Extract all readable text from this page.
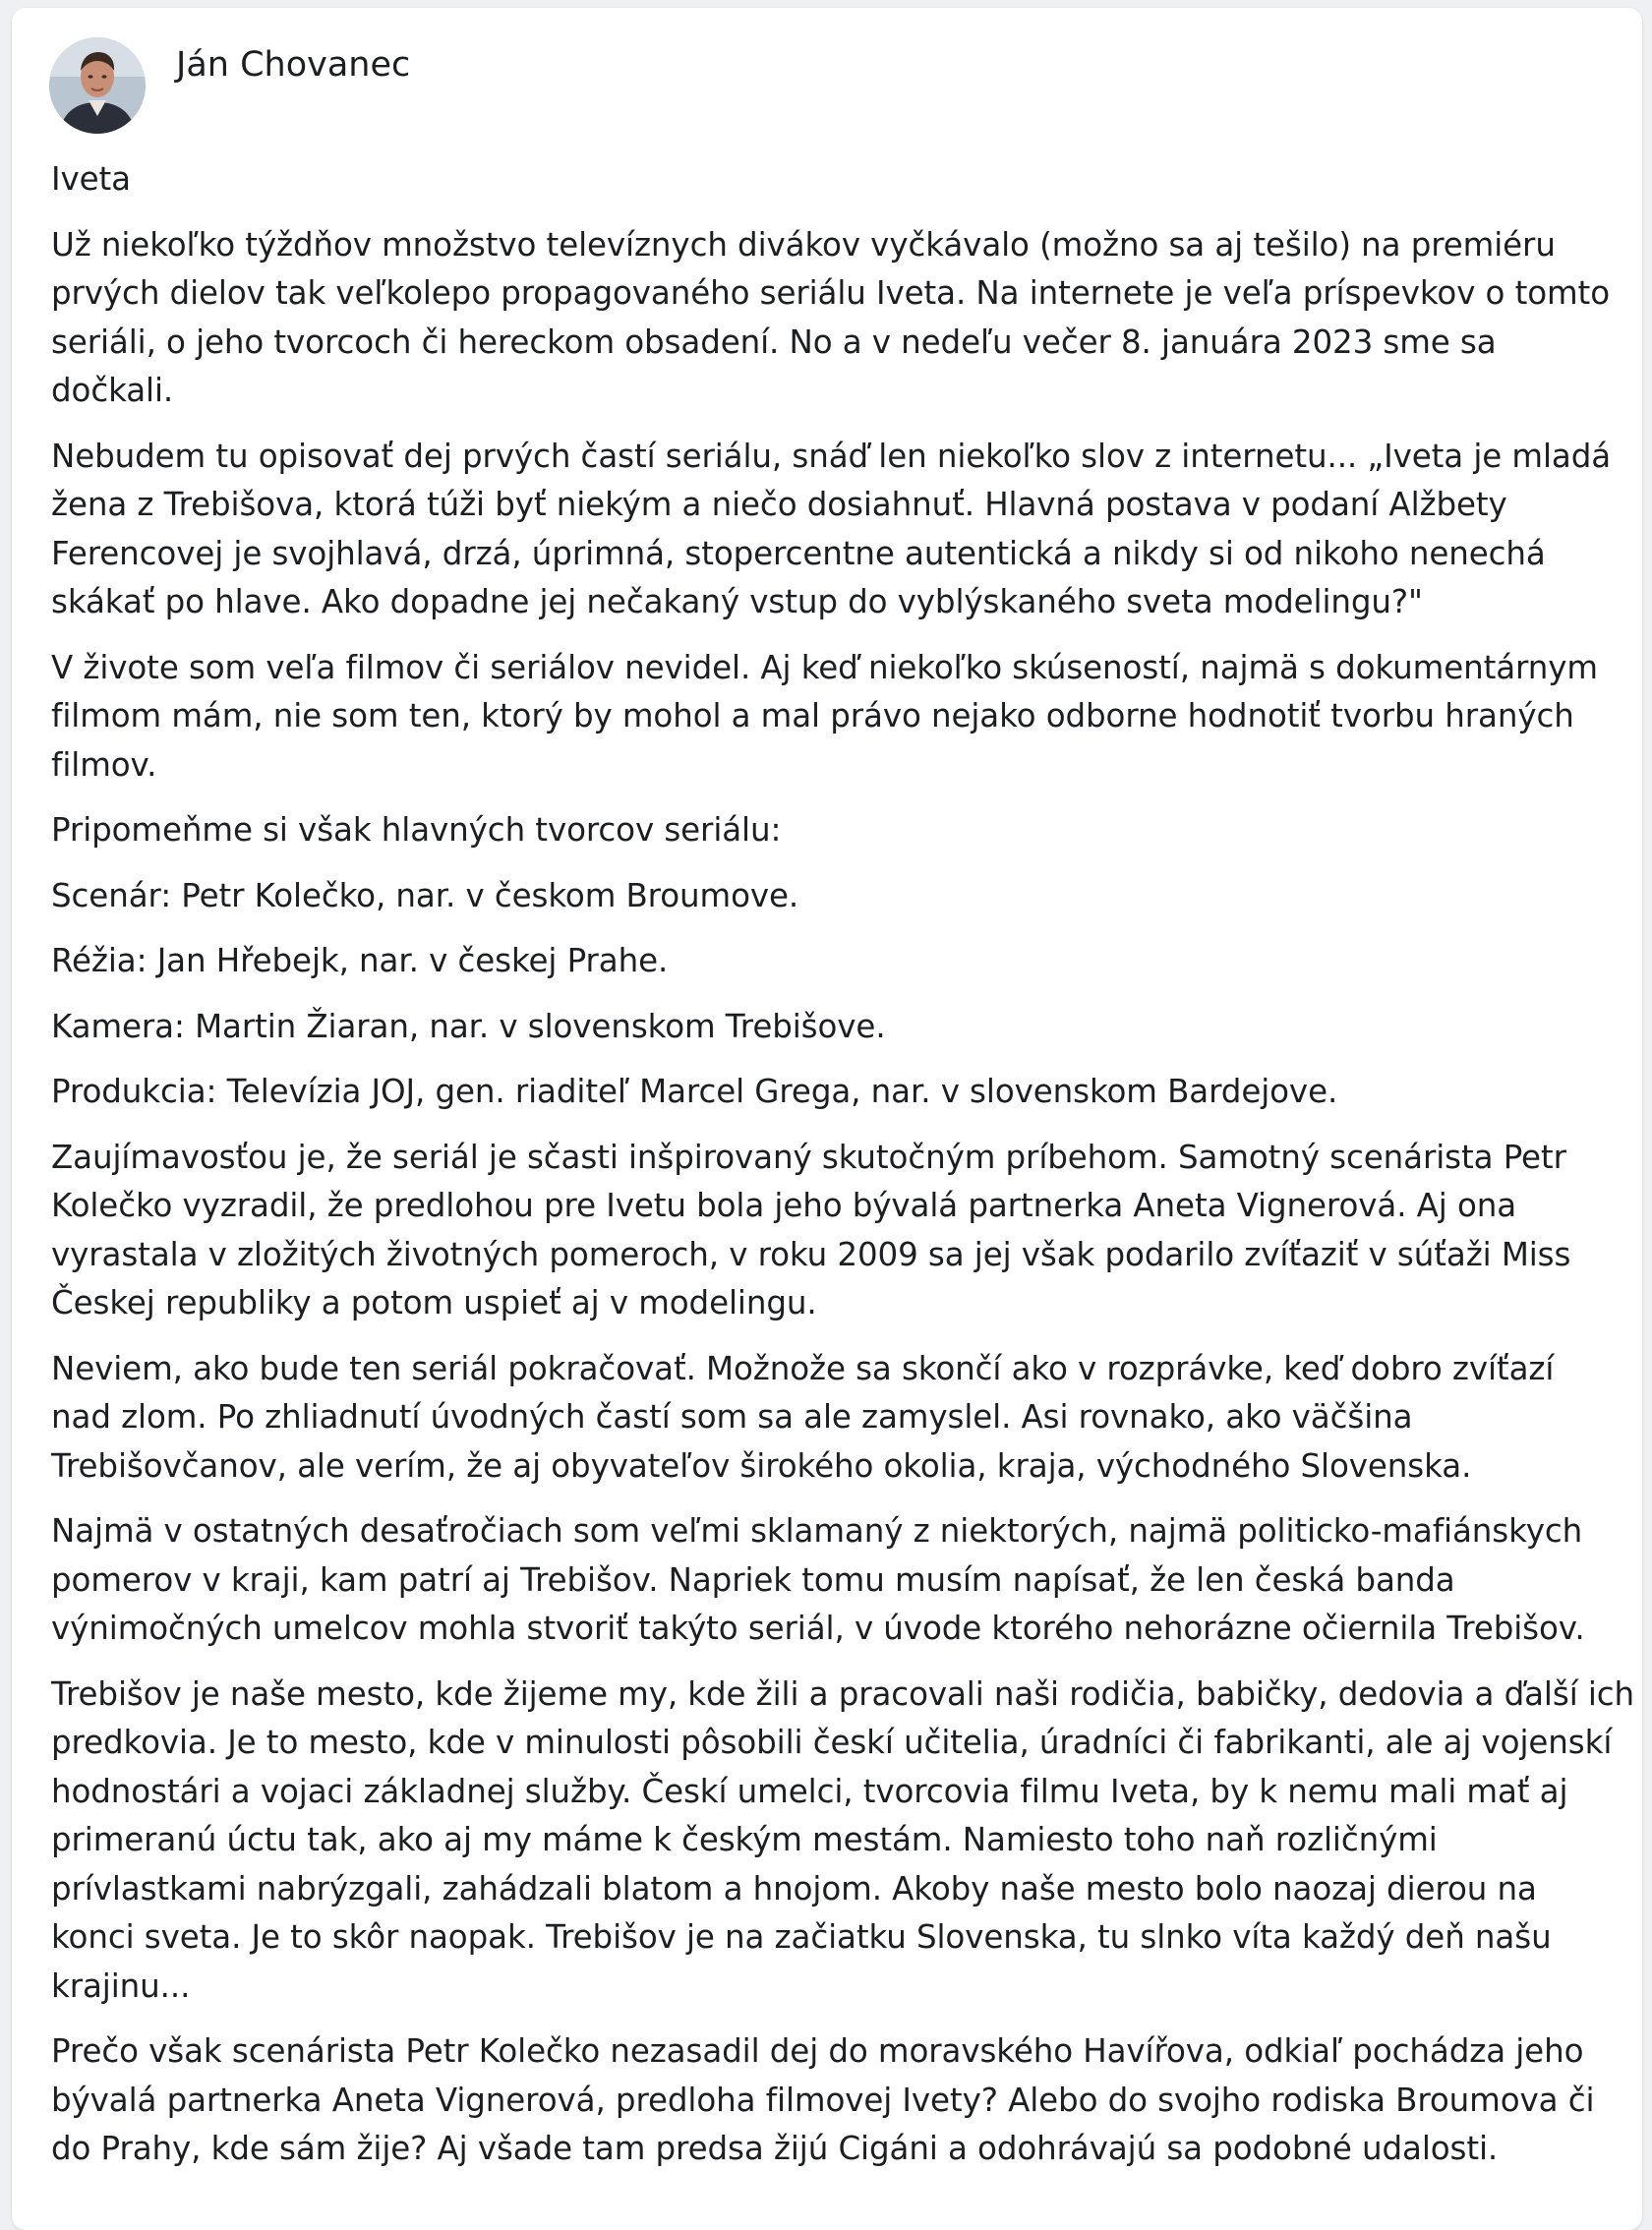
Ján Chovanec

Iveta

Už niekoľko týždňov množstvo televíznych divákov vyčkávalo (možno sa aj tešilo) na premiéru
prvých dielov tak veľkolepo propagovaného seriálu Iveta. Na internete je veľa príspevkov o tomto
seriáli, o jeho tvorcoch či hereckom obsadení. No a v nedeľu večer 8. januára 2023 sme sa
dočkali.

Nebudem tu opisovať dej prvých častí seriálu, snáď len niekoľko slov z internetu... „Iveta je mladá
žena z Trebišova, ktorá túži byť niekým a niečo dosiahnuť. Hlavná postava v podaní Alžbety
Ferencovej je svojhlavá, drzá, úprimná, stopercentne autentická a nikdy si od nikoho nenechá
skákať po hlave. Ako dopadne jej nečakaný vstup do vyblýskaného sveta modelingu?"

V živote som veľa filmov či seriálov nevidel. Aj keď niekoľko skúseností, najmä s dokumentárnym
filmom mám, nie som ten, ktorý by mohol a mal právo nejako odborne hodnotiť tvorbu hraných
filmov.

Pripomeňme si však hlavných tvorcov seriálu:

Scenár: Petr Kolečko, nar. v českom Broumove.

Réžia: Jan Hřebejk, nar. v českej Prahe.

Kamera: Martin Žiaran, nar. v slovenskom Trebišove.

Produkcia: Televízia JOJ, gen. riaditeľ Marcel Grega, nar. v slovenskom Bardejove.

Zaujímavosťou je, že seriál je sčasti inšpirovaný skutočným príbehom. Samotný scenárista Petr
Kolečko vyzradil, že predlohou pre Ivetu bola jeho bývalá partnerka Aneta Vignerová. Aj ona
vyrastala v zložitých životných pomeroch, v roku 2009 sa jej však podarilo zvíťaziť v súťaži Miss
Českej republiky a potom uspieť aj v modelingu.

Neviem, ako bude ten seriál pokračovať. Možnože sa skončí ako v rozprávke, keď dobro zvíťazí
nad zlom. Po zhliadnutí úvodných častí som sa ale zamyslel. Asi rovnako, ako väčšina
Trebišovčanov, ale verím, že aj obyvateľov širokého okolia, kraja, východného Slovenska.

Najmä v ostatných desaťročiach som veľmi sklamaný z niektorých, najmä politicko-mafiánskych
pomerov v kraji, kam patrí aj Trebišov. Napriek tomu musím napísať, že len česká banda
výnimočných umelcov mohla stvoriť takýto seriál, v úvode ktorého nehorázne očiernila Trebišov.

Trebišov je naše mesto, kde žijeme my, kde žili a pracovali naši rodičia, babičky, dedovia a ďalší ich
predkovia. Je to mesto, kde v minulosti pôsobili českí učitelia, úradníci či fabrikanti, ale aj vojenskí
hodnostári a vojaci základnej služby. Českí umelci, tvorcovia filmu Iveta, by k nemu mali mať aj
primeranú úctu tak, ako aj my máme k českým mestám. Namiesto toho naň rozličnými
prívlastkami nabrýzgali, zahádzali blatom a hnojom. Akoby naše mesto bolo naozaj dierou na
konci sveta. Je to skôr naopak. Trebišov je na začiatku Slovenska, tu slnko víta každý deň našu
krajinu...

Prečo však scenárista Petr Kolečko nezasadil dej do moravského Havířova, odkiaľ pochádza jeho
bývalá partnerka Aneta Vignerová, predloha filmovej Ivety? Alebo do svojho rodiska Broumova či
do Prahy, kde sám žije? Aj všade tam predsa žijú Cigáni a odohrávajú sa podobné udalosti.
